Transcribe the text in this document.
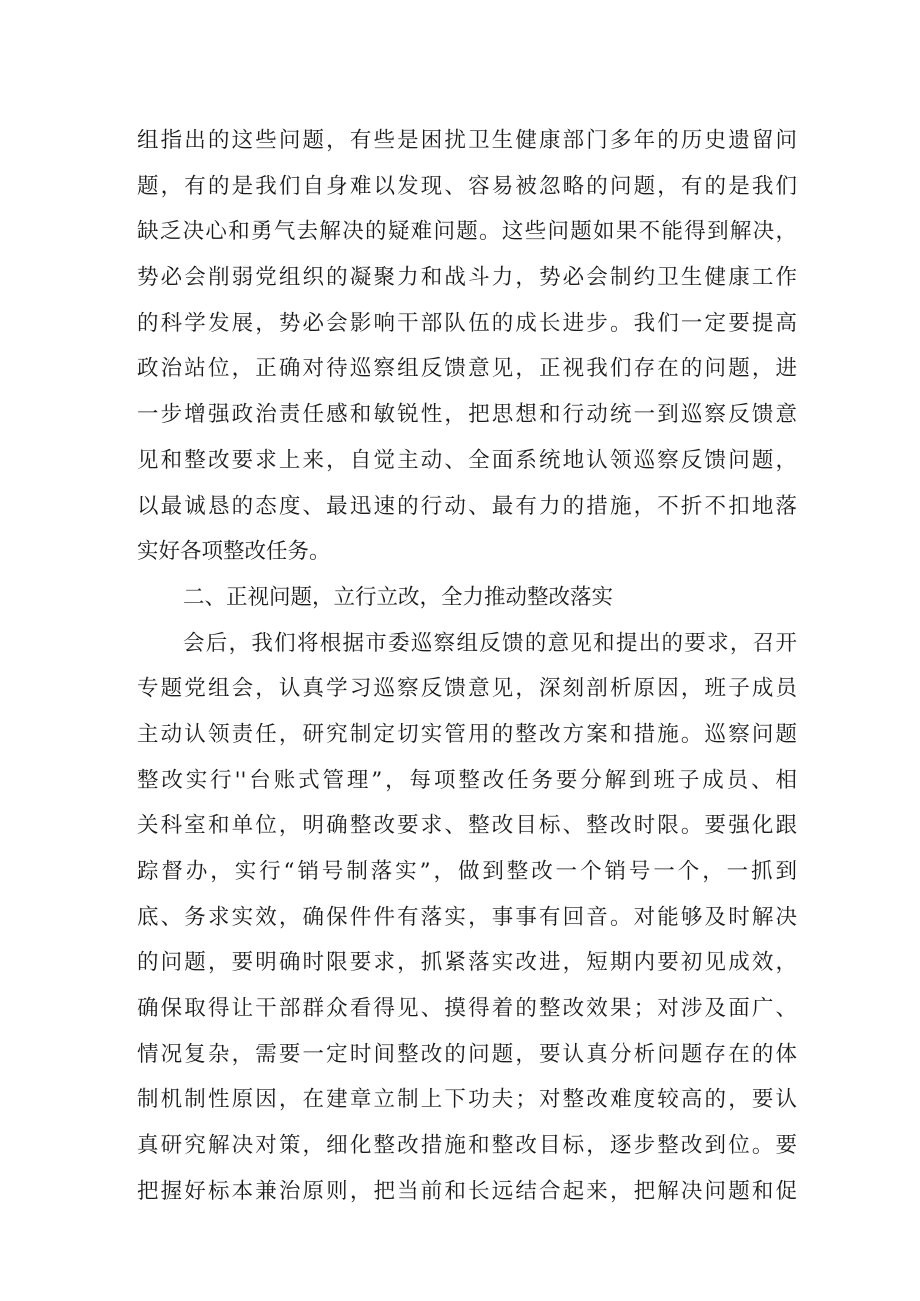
组指出的这些问题，有些是困扰卫生健康部门多年的历史遗留问
题，有的是我们自身难以发现、容易被忽略的问题，有的是我们
缺乏决心和勇气去解决的疑难问题。这些问题如果不能得到解决，
势必会削弱党组织的凝聚力和战斗力，势必会制约卫生健康工作
的科学发展，势必会影响干部队伍的成长进步。我们一定要提高
政治站位，正确对待巡察组反馈意见，正视我们存在的问题，进
一步增强政治责任感和敏锐性，把思想和行动统一到巡察反馈意
见和整改要求上来，自觉主动、全面系统地认领巡察反馈问题，
以最诚恳的态度、最迅速的行动、最有力的措施，不折不扣地落
实好各项整改任务。
二、正视问题，立行立改，全力推动整改落实
会后，我们将根据市委巡察组反馈的意见和提出的要求，召开
专题党组会，认真学习巡察反馈意见，深刻剖析原因，班子成员
主动认领责任，研究制定切实管用的整改方案和措施。巡察问题
整改实行''台账式管理”，每项整改任务要分解到班子成员、相
关科室和单位，明确整改要求、整改目标、整改时限。要强化跟
踪督办，实行“销号制落实”，做到整改一个销号一个，一抓到
底、务求实效，确保件件有落实，事事有回音。对能够及时解决
的问题，要明确时限要求，抓紧落实改进，短期内要初见成效，
确保取得让干部群众看得见、摸得着的整改效果；对涉及面广、
情况复杂，需要一定时间整改的问题，要认真分析问题存在的体
制机制性原因，在建章立制上下功夫；对整改难度较高的，要认
真研究解决对策，细化整改措施和整改目标，逐步整改到位。要
把握好标本兼治原则，把当前和长远结合起来，把解决问题和促
